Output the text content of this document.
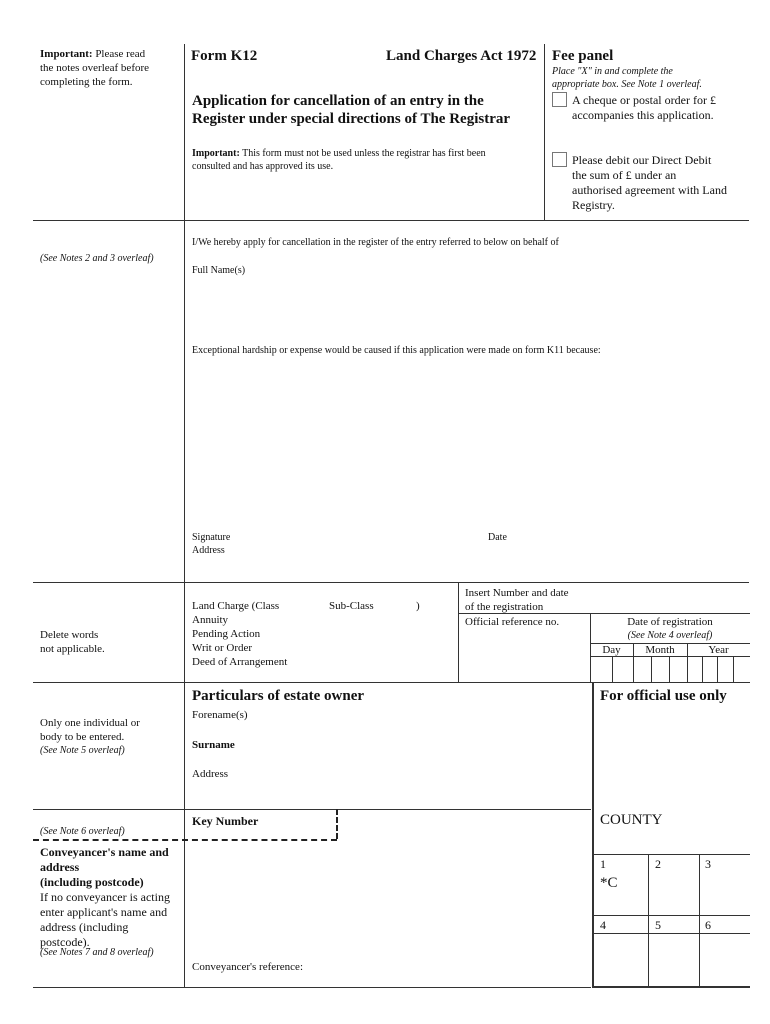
Important: Please read
the notes overleaf before
completing the form.
Form K12	Land Charges Act 1972
Application for cancellation of an entry in the
Register under special directions of The Registrar
Important: This form must not be used unless the registrar has first been
consulted and has approved its use.
Fee panel
Place "X" in and complete the
appropriate box. See Note 1 overleaf.
A cheque or postal order for £
accompanies this application.
Please debit our Direct Debit
the sum of £ under an
authorised agreement with Land
Registry.
(See Notes 2 and 3 overleaf)
I/We hereby apply for cancellation in the register of the entry referred to below on behalf of
Full Name(s)
Exceptional hardship or expense would be caused if this application were made on form K11 because:
Signature
Address
Date
Delete words
not applicable.
Land Charge (Class
Annuity
Pending Action
Writ or Order
Deed of Arrangement
Sub-Class	)
Insert Number and date
of the registration
Official reference no.	Date of registration
(See Note 4 overleaf)
Day	Month	Year
Only one individual or
body to be entered.
(See Note 5 overleaf)
Particulars of estate owner
Forename(s)
Surname
Address
For official use only
COUNTY
1	2	3
*C
4	5	6
(See Note 6 overleaf)
Key Number
Conveyancer's name and
address
(including postcode)
If no conveyancer is acting
enter applicant's name and
address (including
postcode).
(See Notes 7 and 8 overleaf)
Conveyancer's reference:
